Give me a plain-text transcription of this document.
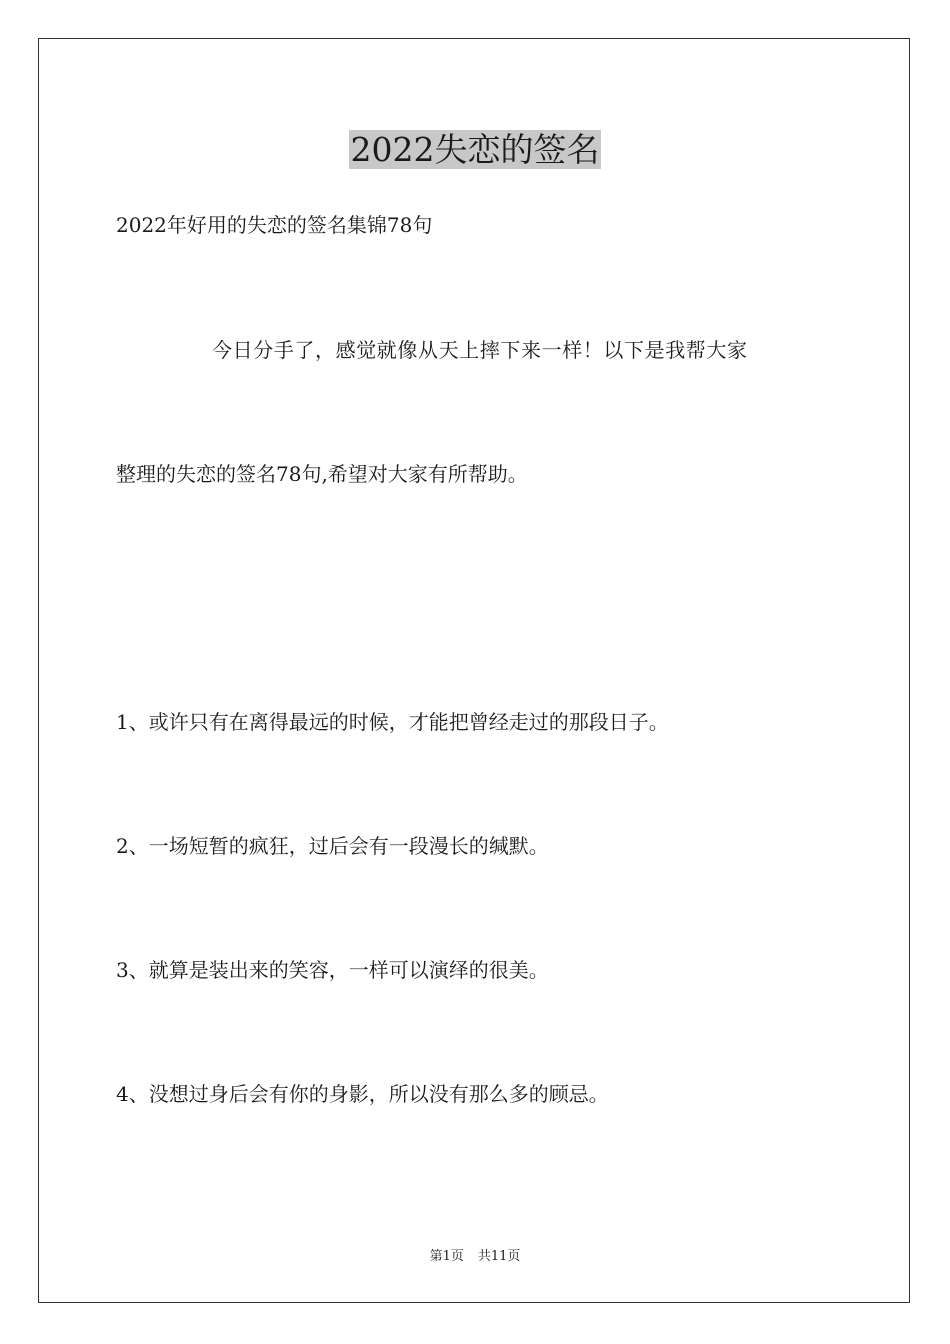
2022失恋的签名

2022年好用的失恋的签名集锦78句

今日分手了，感觉就像从天上摔下来一样！以下是我帮大家

整理的失恋的签名78句,希望对大家有所帮助。

1、或许只有在离得最远的时候，才能把曾经走过的那段日子。

2、一场短暂的疯狂，过后会有一段漫长的缄默。

3、就算是装出来的笑容，一样可以演绎的很美。

4、没想过身后会有你的身影，所以没有那么多的顾忌。

第1页 共11页
